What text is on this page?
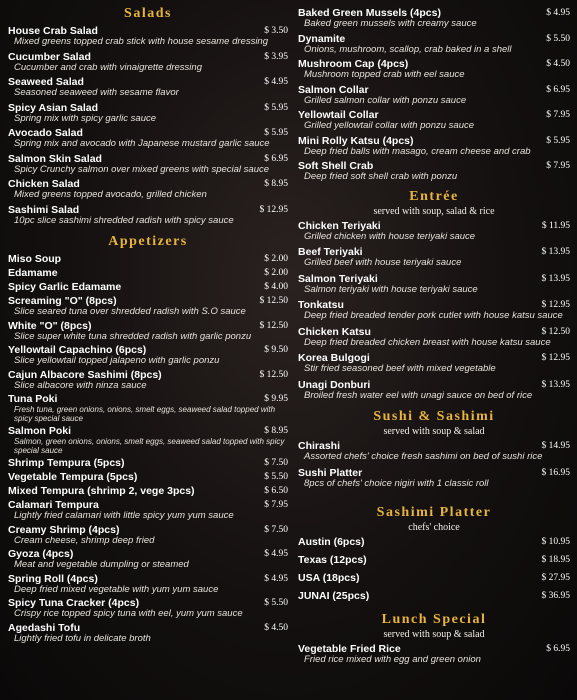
Salads
House Crab Salad	$ 3.50
Mixed greens topped crab stick with house sesame dressing
Cucumber Salad	$ 3.95
Cucumber and crab with vinaigrette dressing
Seaweed Salad	$ 4.95
Seasoned seaweed with sesame flavor
Spicy Asian Salad	$ 5.95
Spring mix with spicy garlic sauce
Avocado Salad	$ 5.95
Spring mix and avocado with Japanese mustard garlic sauce
Salmon Skin Salad	$ 6.95
Spicy Crunchy salmon over mixed greens with special sauce
Chicken Salad	$ 8.95
Mixed greens topped avocado, grilled chicken
Sashimi Salad	$ 12.95
10pc slice sashimi shredded radish with spicy sauce
Appetizers
Miso Soup	$ 2.00
Edamame	$ 2.00
Spicy Garlic Edamame	$ 4.00
Screaming "O" (8pcs)	$ 12.50
Slice seared tuna over shredded radish with S.O sauce
White "O" (8pcs)	$ 12.50
Slice super white tuna shredded radish with garlic ponzu
Yellowtail Capachino (6pcs)	$ 9.50
Slice yellowtail topped jalapeno with garlic ponzu
Cajun Albacore Sashimi (8pcs)	$ 12.50
Slice albacore with ninza sauce
Tuna Poki	$ 9.95
Fresh tuna, green onions, onions, smelt eggs, seaweed salad topped with spicy special sauce
Salmon Poki	$ 8.95
Salmon, green onions, onions, smelt eggs, seaweed salad topped with spicy special sauce
Shrimp Tempura (5pcs)	$ 7.50
Vegetable Tempura (5pcs)	$ 5.50
Mixed Tempura (shrimp 2, vege 3pcs)	$ 6.50
Calamari Tempura	$ 7.95
Lightly fried calamari with little spicy yum yum sauce
Creamy Shrimp (4pcs)	$ 7.50
Cream cheese, shrimp deep fried
Gyoza (4pcs)	$ 4.95
Meat and vegetable dumpling or steamed
Spring Roll (4pcs)	$ 4.95
Deep fried mixed vegetable with yum yum sauce
Spicy Tuna Cracker (4pcs)	$ 5.50
Crispy rice topped spicy tuna with eel, yum yum sauce
Agedashi Tofu	$ 4.50
Lightly fried tofu in delicate broth
Baked Green Mussels (4pcs)	$ 4.95
Baked green mussels with creamy sauce
Dynamite	$ 5.50
Onions, mushroom, scallop, crab baked in a shell
Mushroom Cap (4pcs)	$ 4.50
Mushroom topped crab with eel sauce
Salmon Collar	$ 6.95
Grilled salmon collar with ponzu sauce
Yellowtail Collar	$ 7.95
Grilled yellowtail collar with ponzu sauce
Mini Rolly Katsu (4pcs)	$ 5.95
Deep fried balls with masago, cream cheese and crab
Soft Shell Crab	$ 7.95
Deep fried soft shell crab with ponzu
Entrée
served with soup, salad & rice
Chicken Teriyaki	$ 11.95
Grilled chicken with house teriyaki sauce
Beef Teriyaki	$ 13.95
Grilled beef with house teriyaki sauce
Salmon Teriyaki	$ 13.95
Salmon teriyaki with house teriyaki sauce
Tonkatsu	$ 12.95
Deep fried breaded tender pork cutlet with house katsu sauce
Chicken Katsu	$ 12.50
Deep fried breaded chicken breast with house katsu sauce
Korea Bulgogi	$ 12.95
Stir fried seasoned beef with mixed vegetable
Unagi Donburi	$ 13.95
Broiled fresh water eel with unagi sauce on bed of rice
Sushi & Sashimi
served with soup & salad
Chirashi	$ 14.95
Assorted chefs' choice fresh sashimi on bed of sushi rice
Sushi Platter	$ 16.95
8pcs of chefs' choice nigiri with 1 classic roll
Sashimi Platter
chefs' choice
Austin (6pcs)	$ 10.95
Texas (12pcs)	$ 18.95
USA (18pcs)	$ 27.95
JUNAI (25pcs)	$ 36.95
Lunch Special
served with soup & salad
Vegetable Fried Rice	$ 6.95
Fried rice mixed with egg and green onion
